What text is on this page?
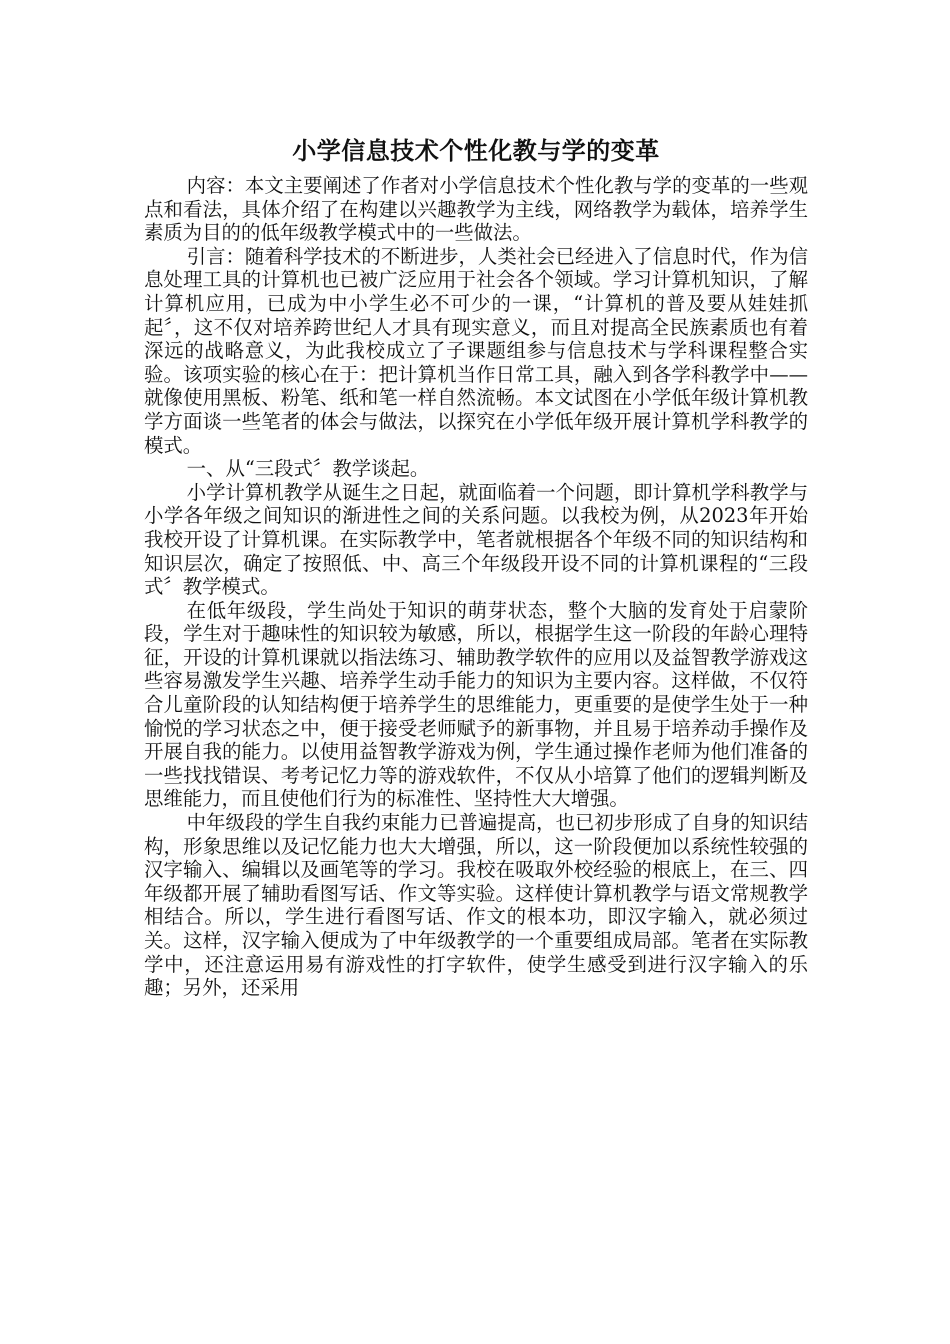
小学信息技术个性化教与学的变革

内容：本文主要阐述了作者对小学信息技术个性化教与学的变革的一些观点和看法，具体介绍了在构建以兴趣教学为主线，网络教学为载体，培养学生素质为目的的低年级教学模式中的一些做法。

引言：随着科学技术的不断进步，人类社会已经进入了信息时代，作为信息处理工具的计算机也已被广泛应用于社会各个领域。学习计算机知识，了解计算机应用，已成为中小学生必不可少的一课，“计算机的普及要从娃娃抓起〞，这不仅对培养跨世纪人才具有现实意义，而且对提高全民族素质也有着深远的战略意义，为此我校成立了子课题组参与信息技术与学科课程整合实验。该项实验的核心在于：把计算机当作日常工具，融入到各学科教学中——就像使用黑板、粉笔、纸和笔一样自然流畅。本文试图在小学低年级计算机教学方面谈一些笔者的体会与做法，以探究在小学低年级开展计算机学科教学的模式。

一、从“三段式〞教学谈起。

小学计算机教学从诞生之日起，就面临着一个问题，即计算机学科教学与小学各年级之间知识的渐进性之间的关系问题。以我校为例，从2023年开始我校开设了计算机课。在实际教学中，笔者就根据各个年级不同的知识结构和知识层次，确定了按照低、中、高三个年级段开设不同的计算机课程的“三段式〞教学模式。

在低年级段，学生尚处于知识的萌芽状态，整个大脑的发育处于启蒙阶段，学生对于趣味性的知识较为敏感，所以，根据学生这一阶段的年龄心理特征，开设的计算机课就以指法练习、辅助教学软件的应用以及益智教学游戏这些容易激发学生兴趣、培养学生动手能力的知识为主要内容。这样做，不仅符合儿童阶段的认知结构便于培养学生的思维能力，更重要的是使学生处于一种愉悦的学习状态之中，便于接受老师赋予的新事物，并且易于培养动手操作及开展自我的能力。以使用益智教学游戏为例，学生通过操作老师为他们准备的一些找找错误、考考记忆力等的游戏软件，不仅从小培算了他们的逻辑判断及思维能力，而且使他们行为的标准性、坚持性大大增强。

中年级段的学生自我约束能力已普遍提高，也已初步形成了自身的知识结构，形象思维以及记忆能力也大大增强，所以，这一阶段便加以系统性较强的汉字输入、编辑以及画笔等的学习。我校在吸取外校经验的根底上，在三、四年级都开展了辅助看图写话、作文等实验。这样使计算机教学与语文常规教学相结合。所以，学生进行看图写话、作文的根本功，即汉字输入，就必须过关。这样，汉字输入便成为了中年级教学的一个重要组成局部。笔者在实际教学中，还注意运用易有游戏性的打字软件，使学生感受到进行汉字输入的乐趣；另外，还采用
